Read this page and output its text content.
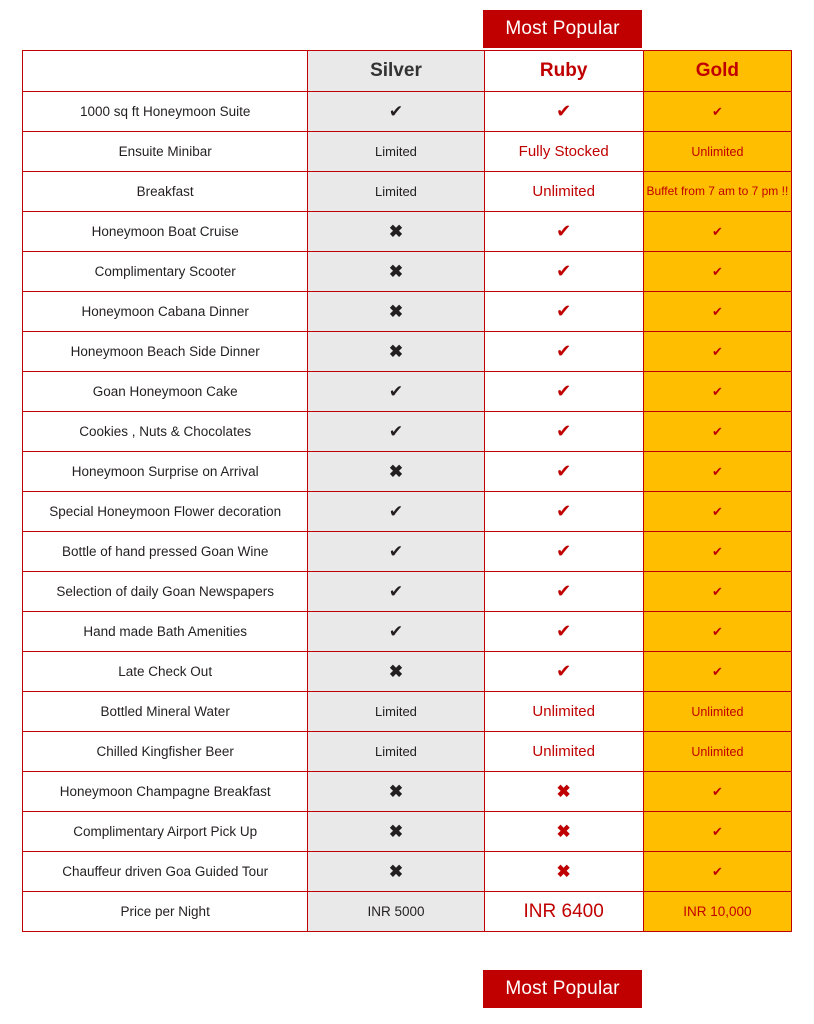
Most Popular
	Silver	Ruby	Gold
1000 sq ft Honeymoon Suite	✔	✔	✔
Ensuite Minibar	Limited	Fully Stocked	Unlimited
Breakfast	Limited	Unlimited	Buffet from 7 am to 7 pm !!
Honeymoon Boat Cruise	✖	✔	✔
Complimentary Scooter	✖	✔	✔
Honeymoon Cabana Dinner	✖	✔	✔
Honeymoon Beach Side Dinner	✖	✔	✔
Goan Honeymoon Cake	✔	✔	✔
Cookies , Nuts & Chocolates	✔	✔	✔
Honeymoon Surprise on Arrival	✖	✔	✔
Special Honeymoon Flower decoration	✔	✔	✔
Bottle of hand pressed Goan Wine	✔	✔	✔
Selection of daily Goan Newspapers	✔	✔	✔
Hand made Bath Amenities	✔	✔	✔
Late Check Out	✖	✔	✔
Bottled Mineral Water	Limited	Unlimited	Unlimited
Chilled Kingfisher Beer	Limited	Unlimited	Unlimited
Honeymoon Champagne Breakfast	✖	✖	✔
Complimentary Airport Pick Up	✖	✖	✔
Chauffeur driven Goa Guided Tour	✖	✖	✔
Price per Night	INR 5000	INR 6400	INR 10,000
Most Popular
